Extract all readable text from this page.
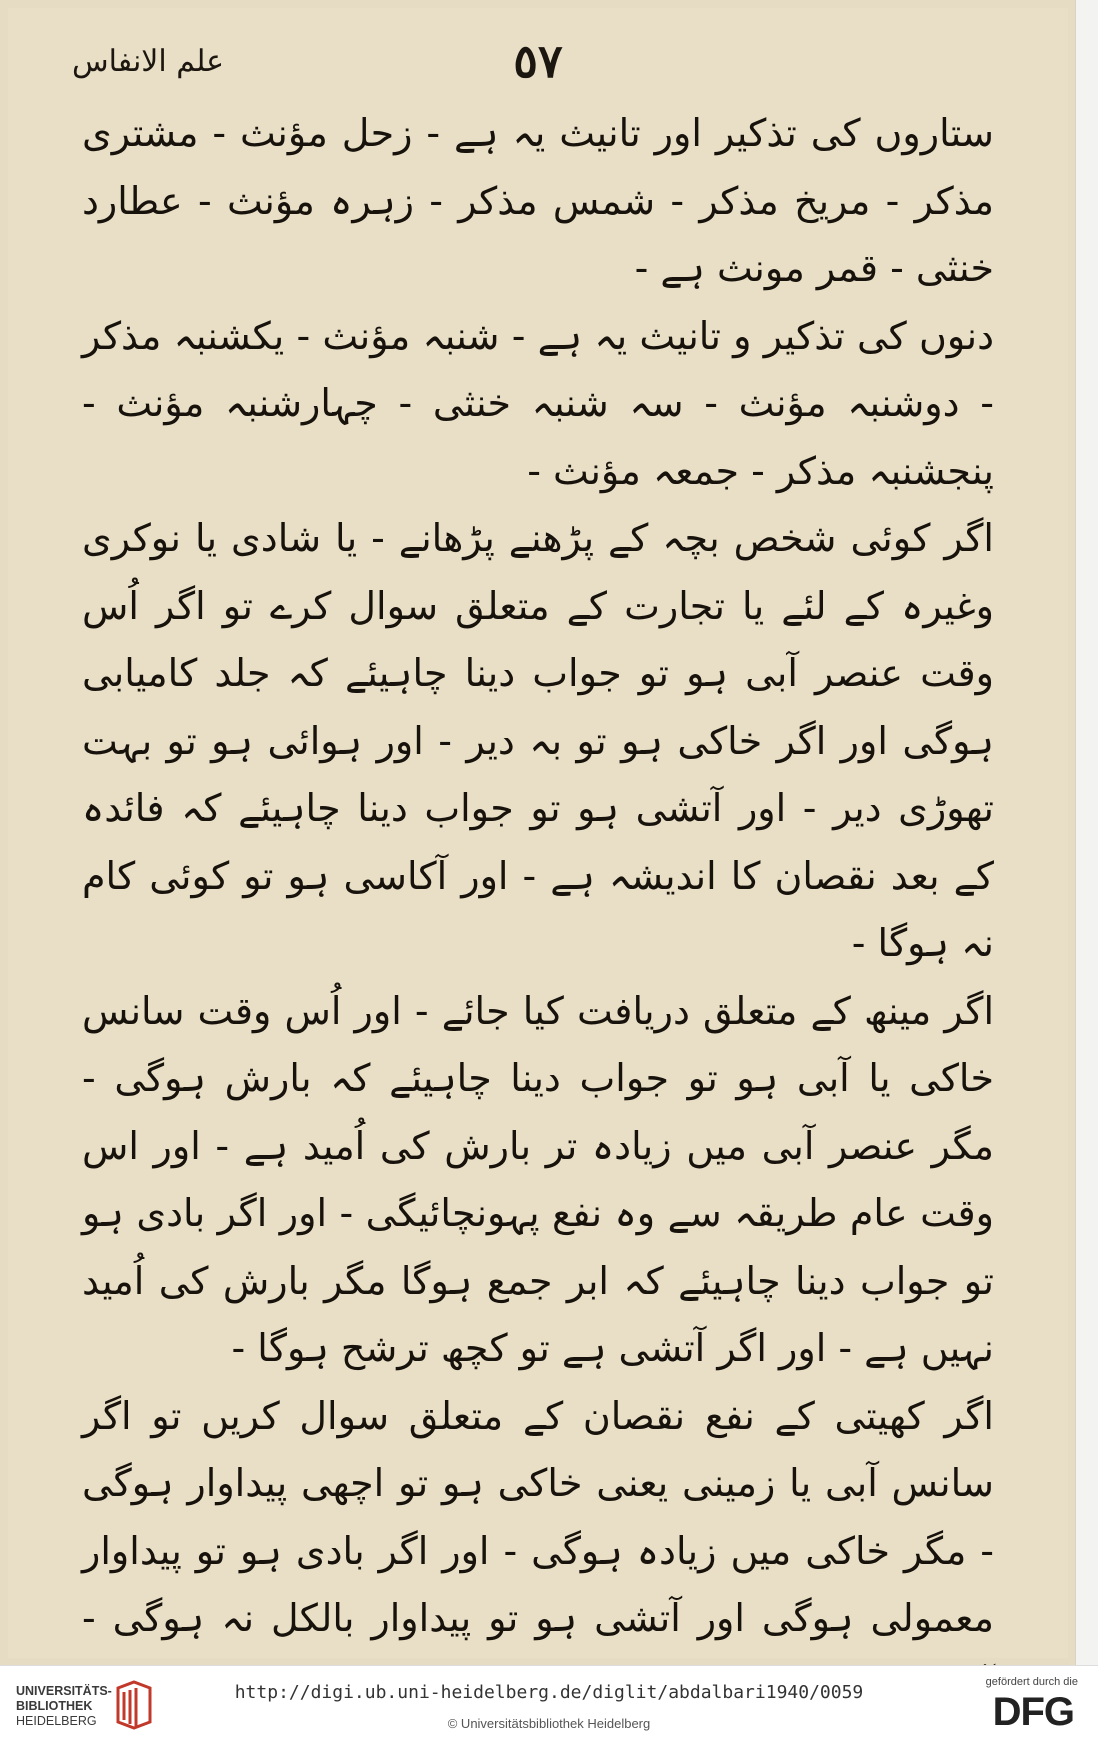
٥٧
علم الانفاس

ستاروں کی تذکیر اور تانیث یہ ہے - زحل مؤنث - مشتری مذکر - مریخ مذکر - شمس مذکر - زہرہ مؤنث - عطارد خنثی - قمر مونث ہے -

دنوں کی تذکیر و تانیث یہ ہے - شنبہ مؤنث - یکشنبہ مذکر - دوشنبہ مؤنث - سہ شنبہ خنثی - چہارشنبہ مؤنث - پنجشنبہ مذکر - جمعہ مؤنث -

اگر کوئی شخص بچہ کے پڑھنے پڑھانے - یا شادی یا نوکری وغیرہ کے لئے یا تجارت کے متعلق سوال کرے تو اگر اُس وقت عنصر آبی ہو تو جواب دینا چاہیئے کہ جلد کامیابی ہوگی اور اگر خاکی ہو تو بہ دیر - اور ہوائی ہو تو بہت تھوڑی دیر - اور آتشی ہو تو جواب دینا چاہیئے کہ فائدہ کے بعد نقصان کا اندیشہ ہے - اور آکاسی ہو تو کوئی کام نہ ہوگا -

اگر مینھ کے متعلق دریافت کیا جائے - اور اُس وقت سانس خاکی یا آبی ہو تو جواب دینا چاہیئے کہ بارش ہوگی - مگر عنصر آبی میں زیادہ تر بارش کی اُمید ہے - اور اس وقت عام طریقہ سے وہ نفع پہونچائیگی - اور اگر بادی ہو تو جواب دینا چاہیئے کہ ابر جمع ہوگا مگر بارش کی اُمید نہیں ہے - اور اگر آتشی ہے تو کچھ ترشح ہوگا -

اگر کھیتی کے نفع نقصان کے متعلق سوال کریں تو اگر سانس آبی یا زمینی یعنی خاکی ہو تو اچھی پیداوار ہوگی - مگر خاکی میں زیادہ ہوگی - اور اگر بادی ہو تو پیداوار معمولی ہوگی اور آتشی ہو تو پیداوار بالکل نہ ہوگی -

UNIVERSITÄTS-
BIBLIOTHEK
HEIDELBERG
http://digi.ub.uni-heidelberg.de/diglit/abdalbari1940/0059
© Universitätsbibliothek Heidelberg
gefördert durch die
DFG
